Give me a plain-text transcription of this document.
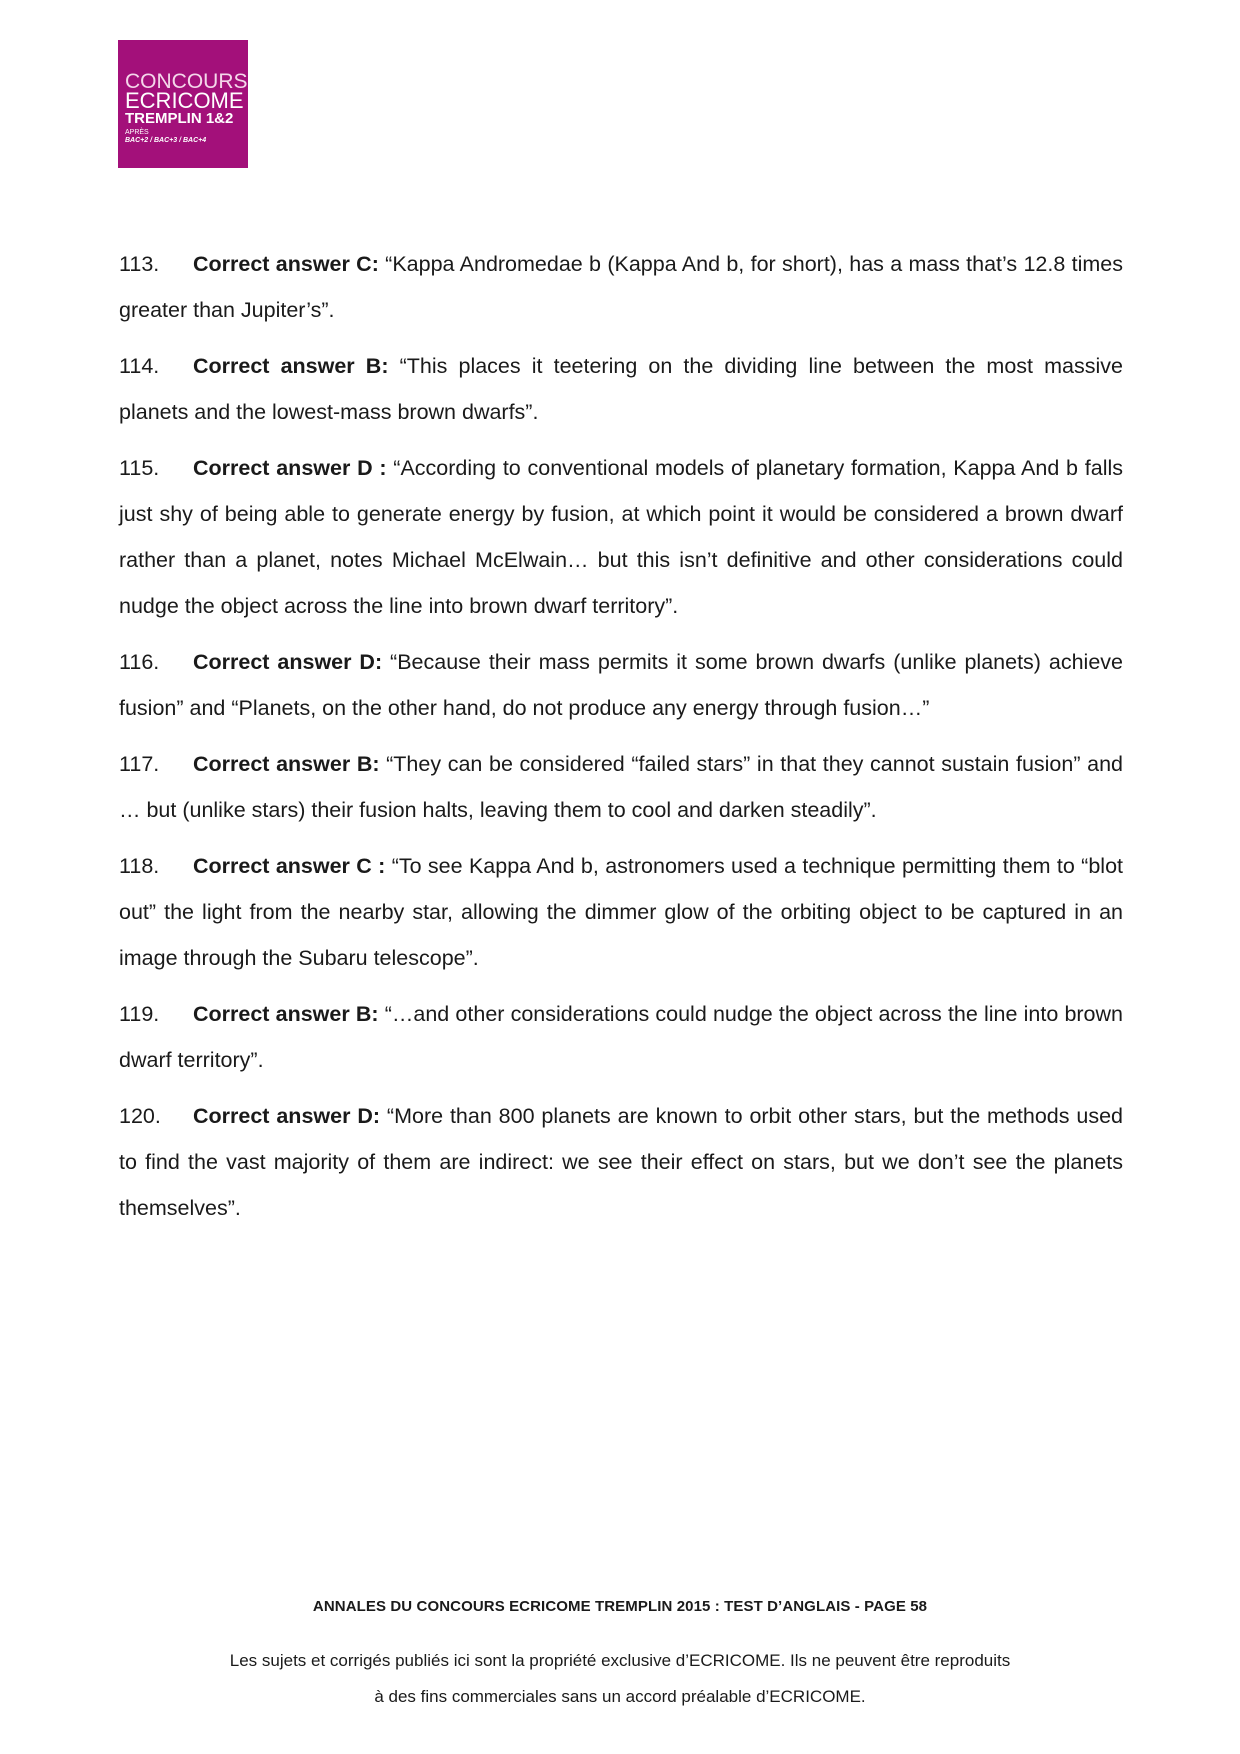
CONCOURS
ECRICOME
TREMPLIN 1&2
APRÈS
BAC+2 / BAC+3 / BAC+4

113. Correct answer C: “Kappa Andromedae b (Kappa And b, for short), has a mass that’s 12.8 times greater than Jupiter’s”.

114. Correct answer B: “This places it teetering on the dividing line between the most massive planets and the lowest-mass brown dwarfs”.

115. Correct answer D : “According to conventional models of planetary formation, Kappa And b falls just shy of being able to generate energy by fusion, at which point it would be considered a brown dwarf rather than a planet, notes Michael McElwain… but this isn’t definitive and other considerations could nudge the object across the line into brown dwarf territory”.

116. Correct answer D: “Because their mass permits it some brown dwarfs (unlike planets) achieve fusion” and “Planets, on the other hand, do not produce any energy through fusion…”

117. Correct answer B: “They can be considered “failed stars” in that they cannot sustain fusion” and … but (unlike stars) their fusion halts, leaving them to cool and darken steadily”.

118. Correct answer C : “To see Kappa And b, astronomers used a technique permitting them to “blot out” the light from the nearby star, allowing the dimmer glow of the orbiting object to be captured in an image through the Subaru telescope”.

119. Correct answer B: “…and other considerations could nudge the object across the line into brown dwarf territory”.

120. Correct answer D: “More than 800 planets are known to orbit other stars, but the methods used to find the vast majority of them are indirect: we see their effect on stars, but we don’t see the planets themselves”.

ANNALES DU CONCOURS ECRICOME TREMPLIN 2015 : TEST D’ANGLAIS - PAGE 58
Les sujets et corrigés publiés ici sont la propriété exclusive d’ECRICOME. Ils ne peuvent être reproduits
à des fins commerciales sans un accord préalable d’ECRICOME.
